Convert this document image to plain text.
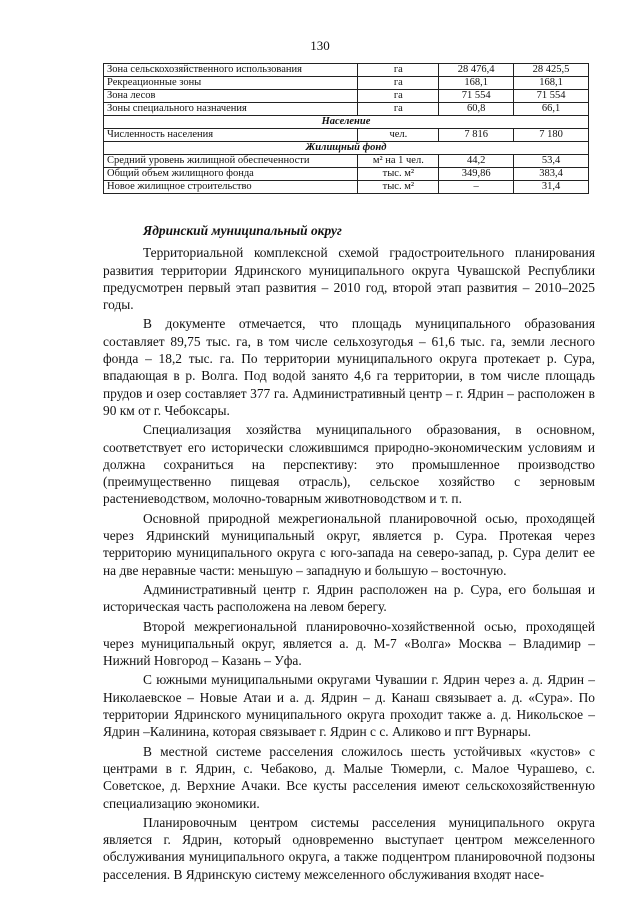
130
Зона сельскохозяйственного использования	га	28 476,4	28 425,5
Рекреационные зоны	га	168,1	168,1
Зона лесов	га	71 554	71 554
Зоны специального назначения	га	60,8	66,1
Население			
Численность населения	чел.	7 816	7 180
Жилищный фонд			
Средний уровень жилищной обеспеченности	м² на 1 чел.	44,2	53,4
Общий объем жилищного фонда	тыс. м²	349,86	383,4
Новое жилищное строительство	тыс. м²	–	31,4
Ядринский муниципальный округ

Территориальной комплексной схемой градостроительного планирования развития территории Ядринского муниципального округа Чувашской Республики предусмотрен первый этап развития – 2010 год, второй этап развития – 2010–2025 годы.

В документе отмечается, что площадь муниципального образования составляет 89,75 тыс. га, в том числе сельхозугодья – 61,6 тыс. га, земли лесного фонда – 18,2 тыс. га. По территории муниципального округа протекает р. Сура, впадающая в р. Волга. Под водой занято 4,6 га территории, в том числе площадь прудов и озер составляет 377 га. Административный центр – г. Ядрин – расположен в 90 км от г. Чебоксары.

Специализация хозяйства муниципального образования, в основном, соответствует его исторически сложившимся природно-экономическим условиям и должна сохраниться на перспективу: это промышленное производство (преимущественно пищевая отрасль), сельское хозяйство с зерновым растениеводством, молочно-товарным животноводством и т. п.

Основной природной межрегиональной планировочной осью, проходящей через Ядринский муниципальный округ, является р. Сура. Протекая через территорию муниципального округа с юго-запада на северо-запад, р. Сура делит ее на две неравные части: меньшую – западную и большую – восточную.

Административный центр г. Ядрин расположен на р. Сура, его большая и историческая часть расположена на левом берегу.

Второй межрегиональной планировочно-хозяйственной осью, проходящей через муниципальный округ, является а. д. М-7 «Волга» Москва – Владимир – Нижний Новгород – Казань – Уфа.

С южными муниципальными округами Чувашии г. Ядрин через а. д. Ядрин – Николаевское – Новые Атаи и а. д. Ядрин – д. Канаш связывает а. д. «Сура». По территории Ядринского муниципального округа проходит также а. д. Никольское – Ядрин –Калинина, которая связывает г. Ядрин с с. Аликово и пгт Вурнары.

В местной системе расселения сложилось шесть устойчивых «кустов» с центрами в г. Ядрин, с. Чебаково, д. Малые Тюмерли, с. Малое Чурашево, с. Советское, д. Верхние Ачаки. Все кусты расселения имеют сельскохозяйственную специализацию экономики.

Планировочным центром системы расселения муниципального округа является г. Ядрин, который одновременно выступает центром межселенного обслуживания муниципального округа, а также подцентром планировочной подзоны расселения. В Ядринскую систему межселенного обслуживания входят насе-
